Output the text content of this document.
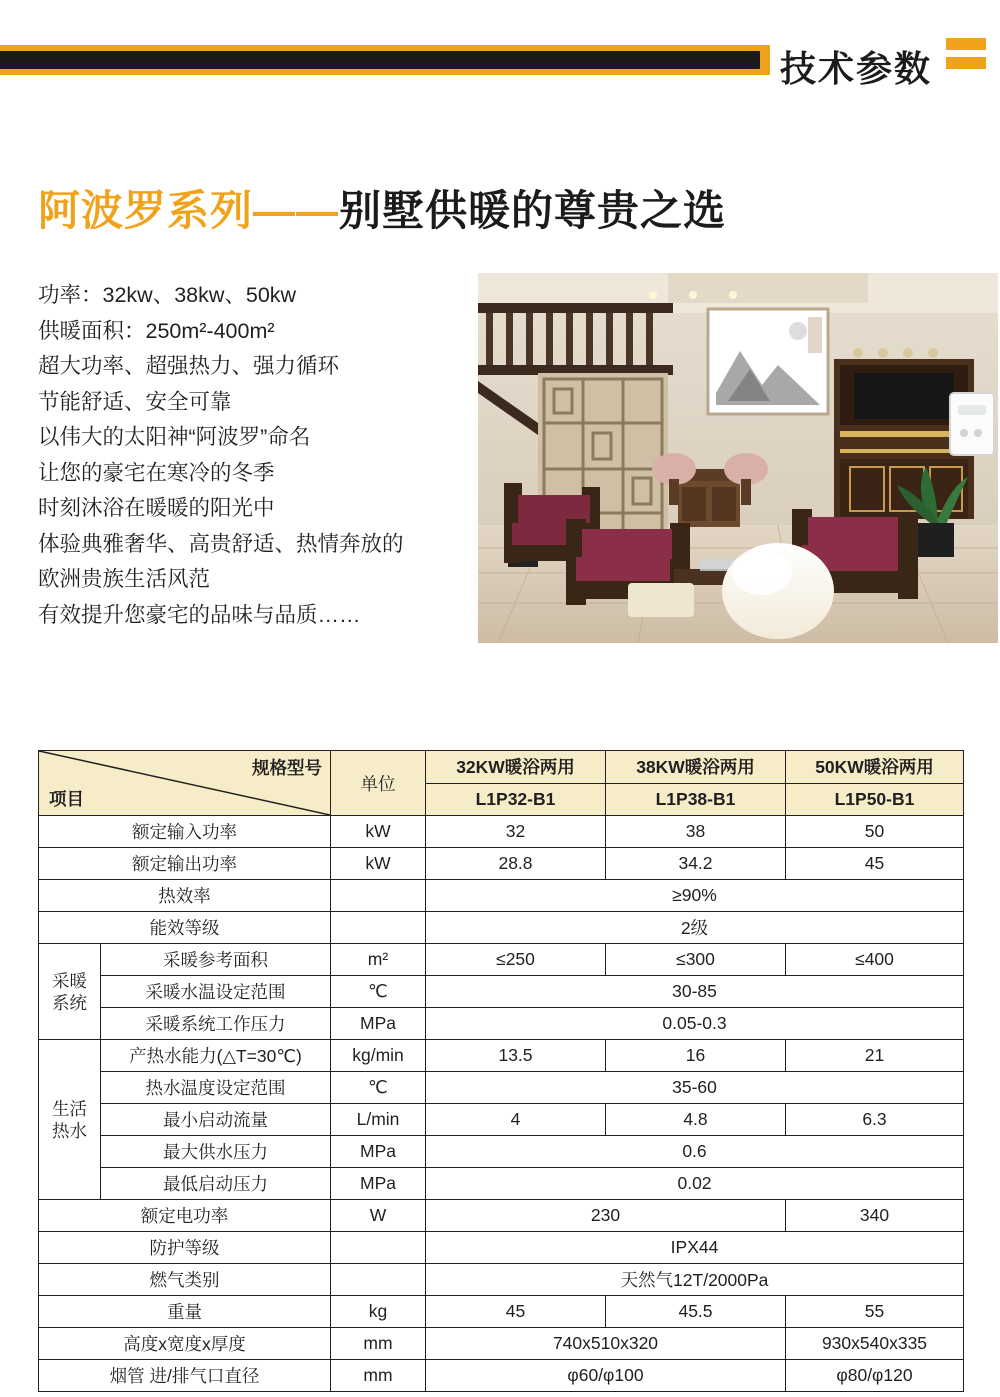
技术参数
阿波罗系列——别墅供暖的尊贵之选
功率：32kw、38kw、50kw
供暖面积：250m²-400m²
超大功率、超强热力、强力循环
节能舒适、安全可靠
以伟大的太阳神“阿波罗”命名
让您的豪宅在寒冷的冬季
时刻沐浴在暖暖的阳光中
体验典雅奢华、高贵舒适、热情奔放的
欧洲贵族生活风范
有效提升您豪宅的品味与品质……
规格型号
项目		单位	32KW暖浴两用	38KW暖浴两用	50KW暖浴两用
			L1P32-B1	L1P38-B1	L1P50-B1
额定输入功率		kW	32	38	50
额定输出功率		kW	28.8	34.2	45
热效率			≥90%		
能效等级			2级		

采暖
系统	采暖参考面积	m²	≤250	≤300	≤400
	采暖水温设定范围	℃	30-85		
	采暖系统工作压力	MPa	0.05-0.3		

生活
热水	产热水能力(△T=30℃)	kg/min	13.5	16	21
	热水温度设定范围	℃	35-60		
	最小启动流量	L/min	4	4.8	6.3
	最大供水压力	MPa	0.6		
	最低启动压力	MPa	0.02		
额定电功率		W	230		340
防护等级			IPX44		
燃气类别			天然气12T/2000Pa		
重量		kg	45	45.5	55
高度x宽度x厚度		mm	740x510x320		930x540x335
烟管 进/排气口直径		mm	φ60/φ100		φ80/φ120
